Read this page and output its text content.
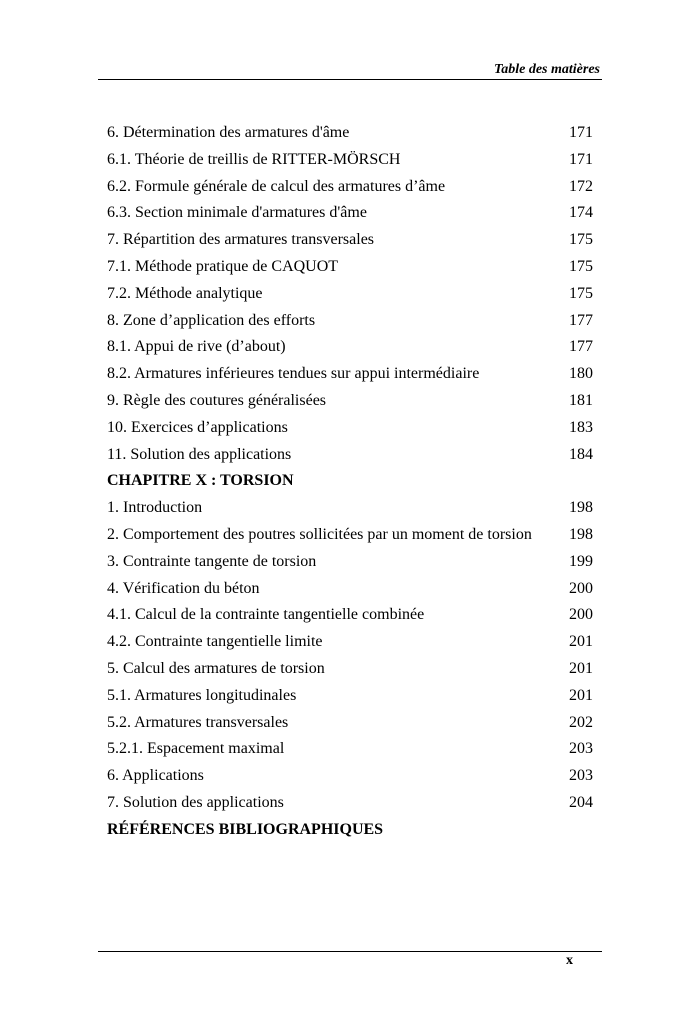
Table des matières
6. Détermination des armatures d'âme	171
6.1. Théorie de treillis de RITTER-MÖRSCH	171
6.2. Formule générale de calcul des armatures d’âme	172
6.3. Section minimale d'armatures d'âme	174
7. Répartition des armatures transversales	175
7.1. Méthode pratique de CAQUOT	175
7.2. Méthode analytique	175
8. Zone d’application des efforts	177
8.1. Appui de rive (d’about)	177
8.2. Armatures inférieures tendues sur appui intermédiaire	180
9. Règle des coutures généralisées	181
10. Exercices d’applications	183
11. Solution des applications	184
CHAPITRE X : TORSION
1. Introduction	198
2. Comportement des poutres sollicitées par un moment de torsion 198
3. Contrainte tangente de torsion	199
4. Vérification du béton	200
4.1. Calcul de la contrainte tangentielle combinée	200
4.2. Contrainte tangentielle limite	201
5. Calcul des armatures de torsion	201
5.1. Armatures longitudinales	201
5.2. Armatures transversales	202
5.2.1. Espacement maximal	203
6. Applications	203
7. Solution des applications	204
RÉFÉRENCES BIBLIOGRAPHIQUES
x
